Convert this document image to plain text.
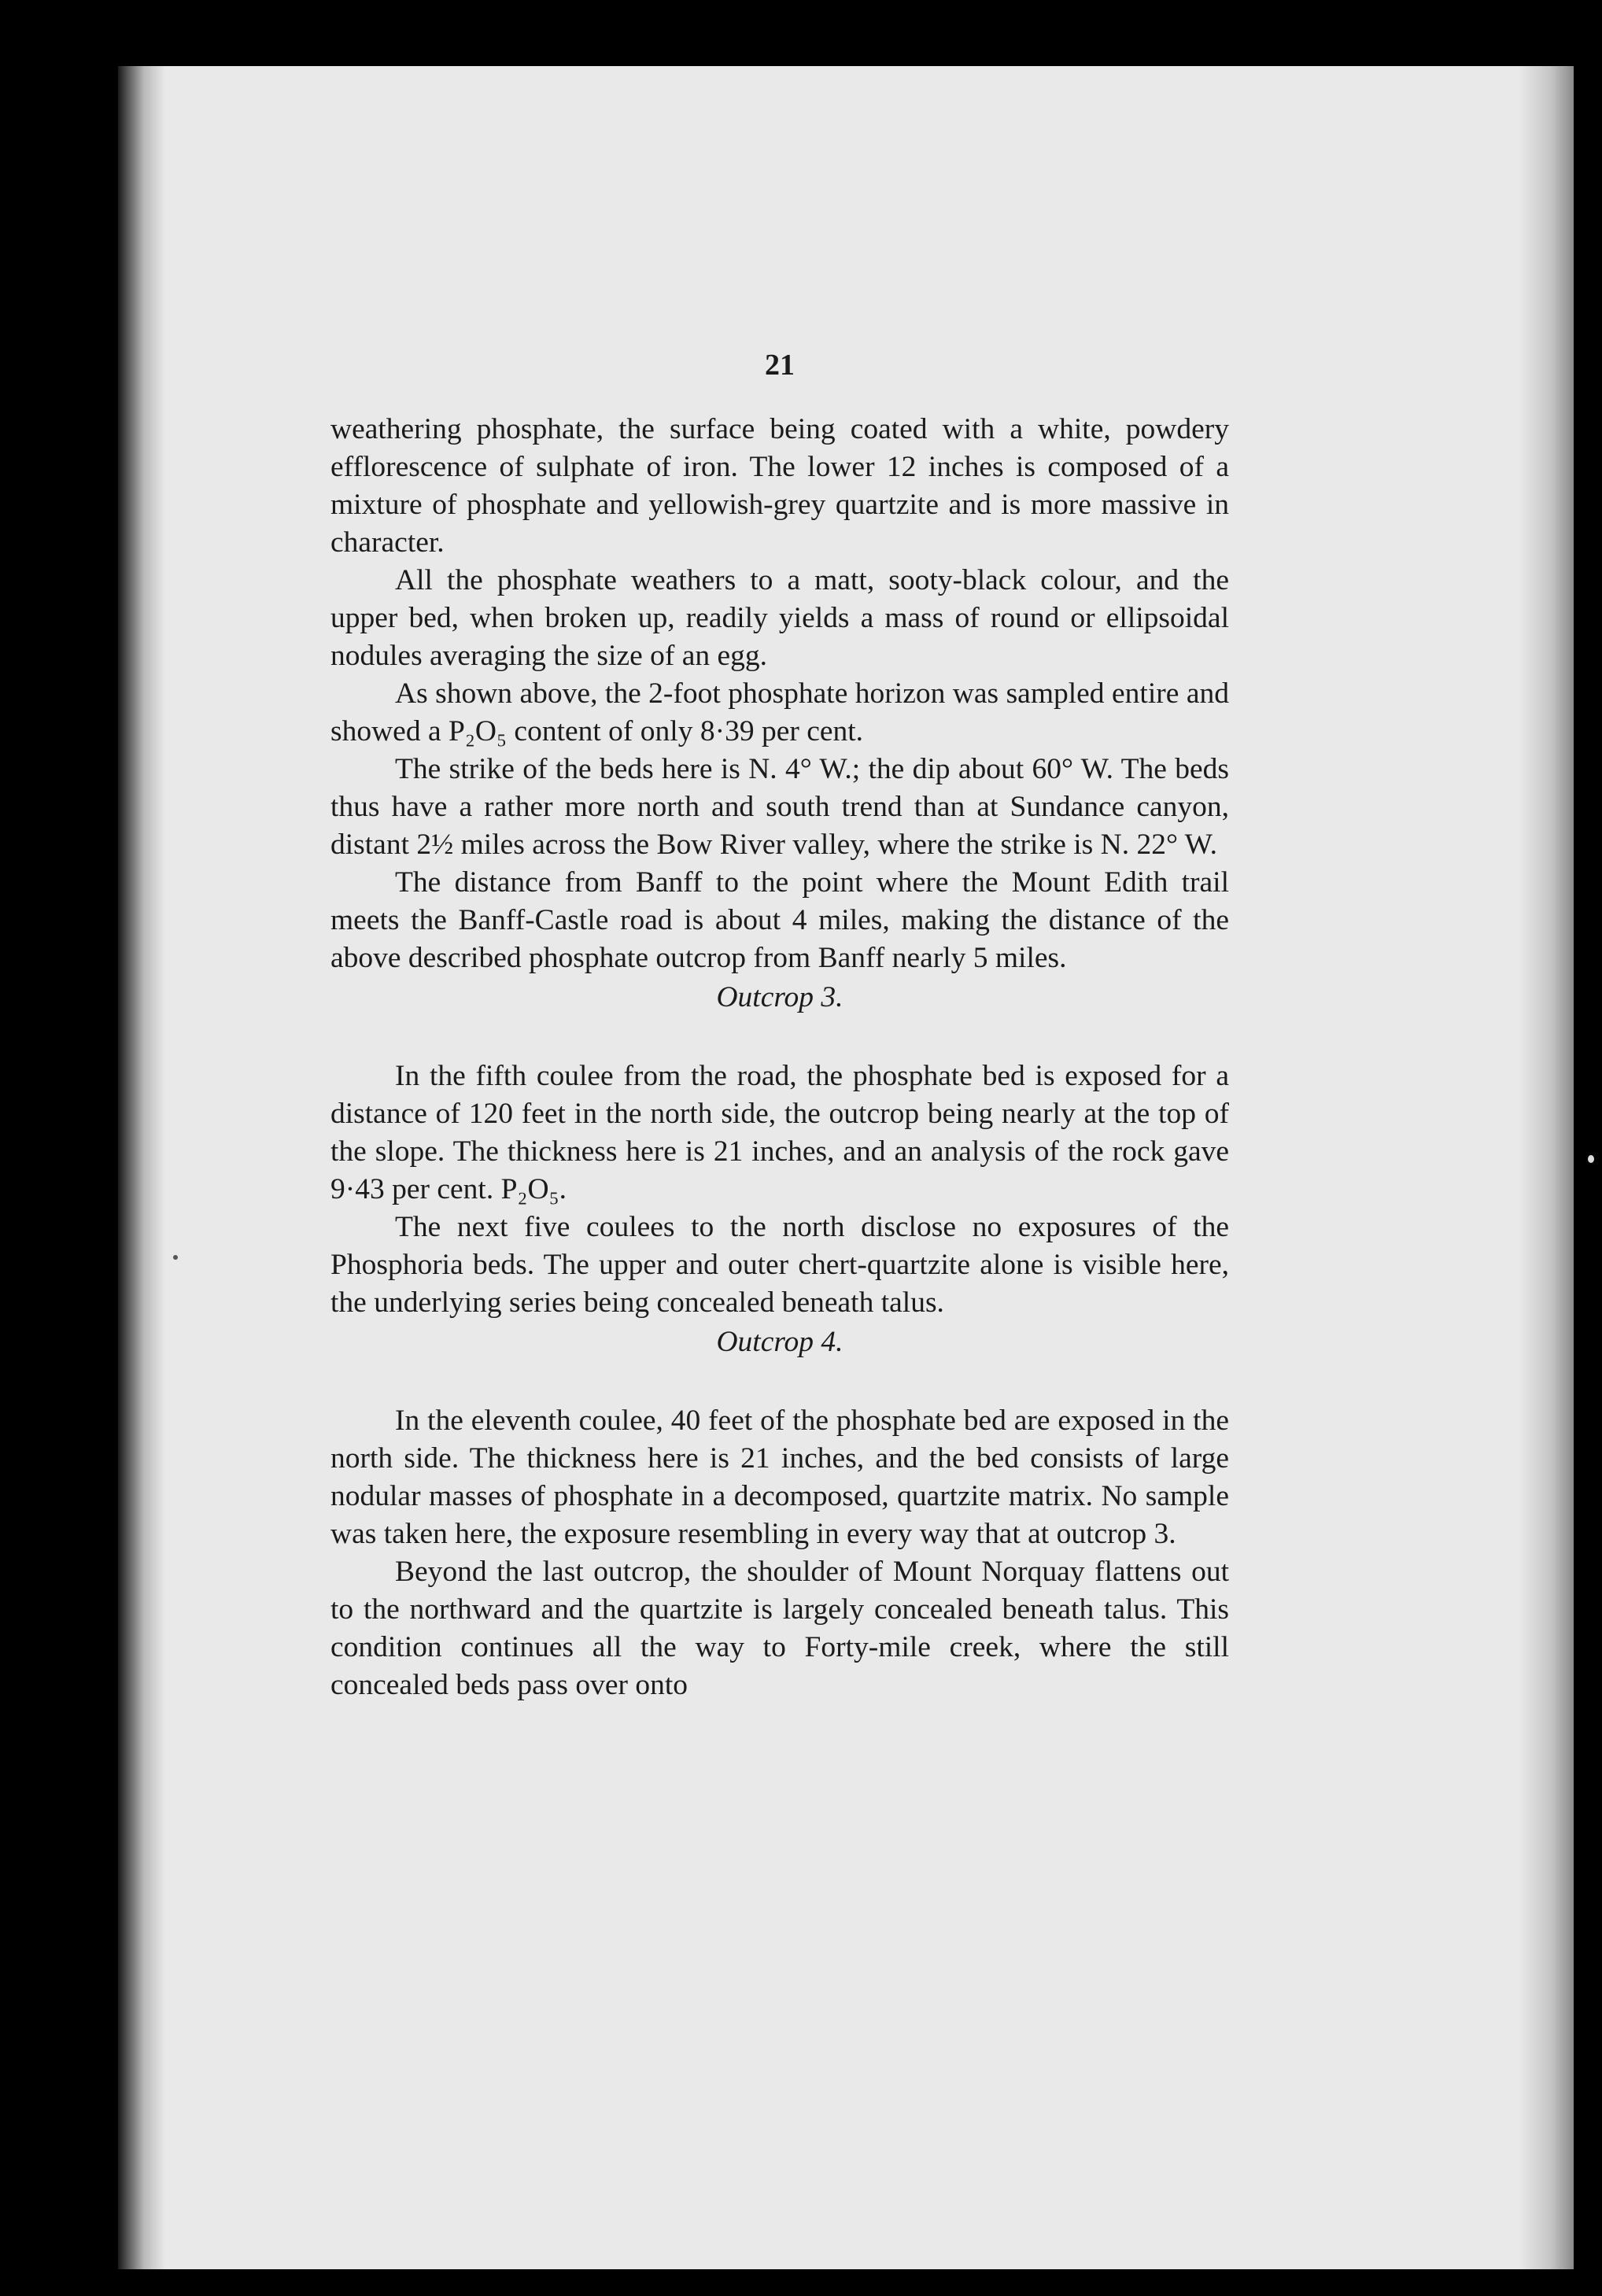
21

weathering phosphate, the surface being coated with a white, powdery efflorescence of sulphate of iron. The lower 12 inches is composed of a mixture of phosphate and yellowish-grey quartzite and is more massive in character.

All the phosphate weathers to a matt, sooty-black colour, and the upper bed, when broken up, readily yields a mass of round or ellipsoidal nodules averaging the size of an egg.

As shown above, the 2-foot phosphate horizon was sampled entire and showed a P₂O₅ content of only 8·39 per cent.

The strike of the beds here is N. 4° W.; the dip about 60° W. The beds thus have a rather more north and south trend than at Sundance canyon, distant 2½ miles across the Bow River valley, where the strike is N. 22° W.

The distance from Banff to the point where the Mount Edith trail meets the Banff-Castle road is about 4 miles, making the distance of the above described phosphate outcrop from Banff nearly 5 miles.

Outcrop 3.

In the fifth coulee from the road, the phosphate bed is exposed for a distance of 120 feet in the north side, the outcrop being nearly at the top of the slope. The thickness here is 21 inches, and an analysis of the rock gave 9·43 per cent. P₂O₅.

The next five coulees to the north disclose no exposures of the Phosphoria beds. The upper and outer chert-quartzite alone is visible here, the underlying series being concealed beneath talus.

Outcrop 4.

In the eleventh coulee, 40 feet of the phosphate bed are exposed in the north side. The thickness here is 21 inches, and the bed consists of large nodular masses of phosphate in a decomposed, quartzite matrix. No sample was taken here, the exposure resembling in every way that at outcrop 3.

Beyond the last outcrop, the shoulder of Mount Norquay flattens out to the northward and the quartzite is largely concealed beneath talus. This condition continues all the way to Forty-mile creek, where the still concealed beds pass over onto
